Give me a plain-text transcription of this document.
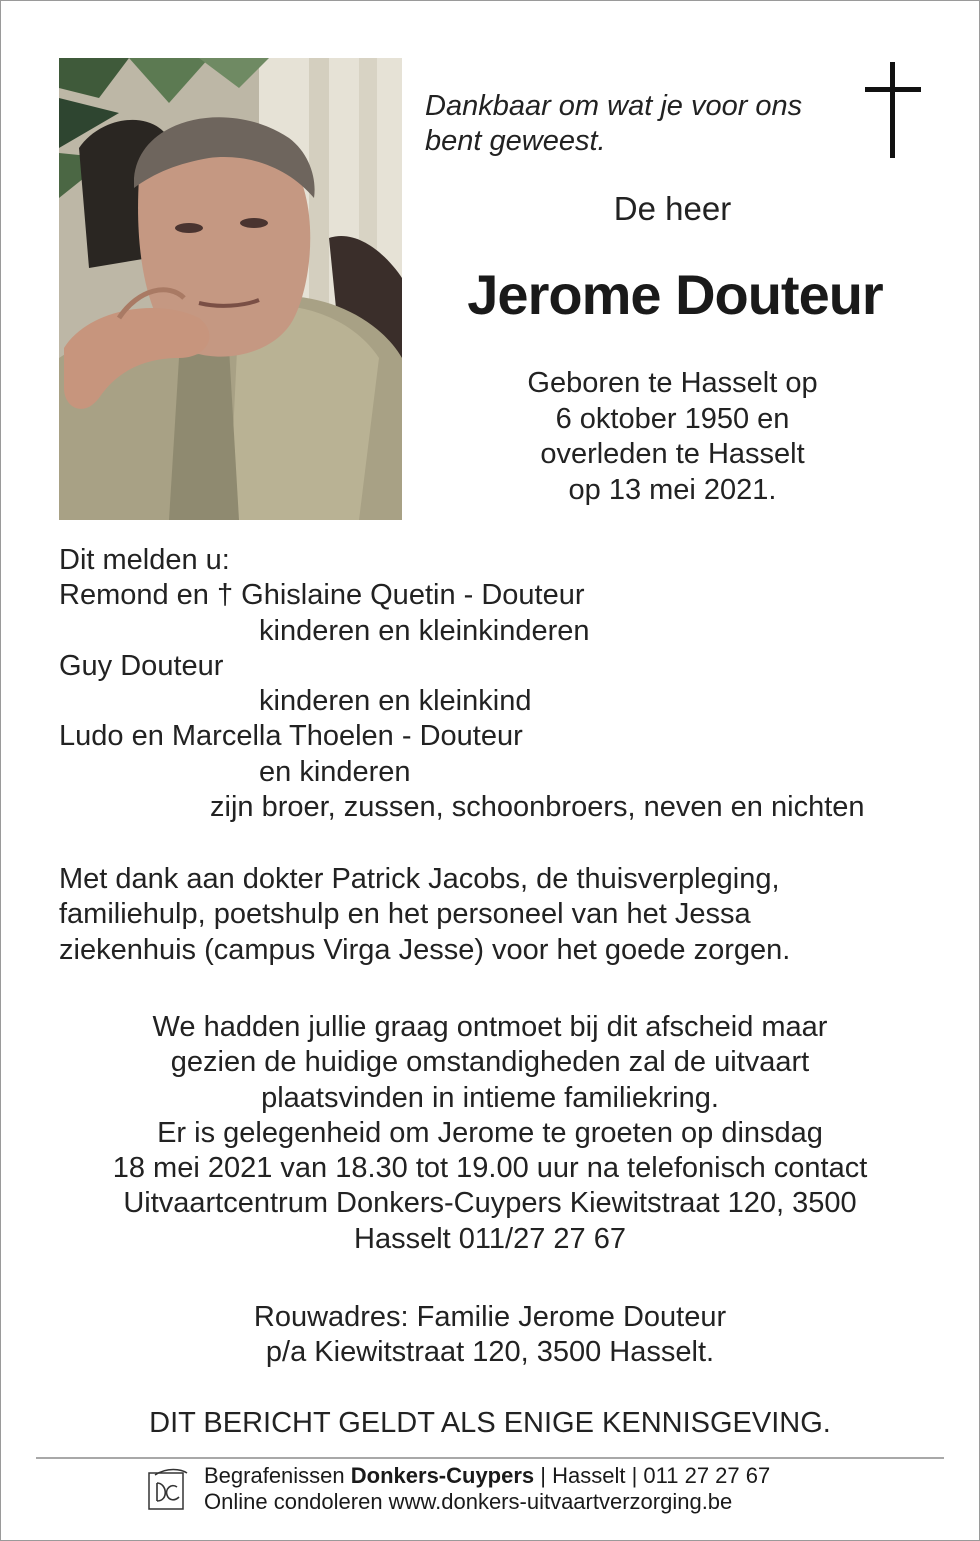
Dankbaar om wat je voor ons
bent geweest.
De heer
Jerome Douteur
Geboren te Hasselt op
6 oktober 1950 en
overleden te Hasselt
op 13 mei 2021.
Dit melden u:
Remond en † Ghislaine Quetin - Douteur
kinderen en kleinkinderen
Guy Douteur
kinderen en kleinkind
Ludo en Marcella Thoelen - Douteur
en kinderen
zijn broer, zussen, schoonbroers, neven en nichten
Met dank aan dokter Patrick Jacobs, de thuisverpleging,
familiehulp, poetshulp en het personeel van het Jessa
ziekenhuis (campus Virga Jesse) voor het goede zorgen.
We hadden jullie graag ontmoet bij dit afscheid maar
gezien de huidige omstandigheden zal de uitvaart
plaatsvinden in intieme familiekring.
Er is gelegenheid om Jerome te groeten op dinsdag
18 mei 2021 van 18.30 tot 19.00 uur na telefonisch contact
Uitvaartcentrum Donkers-Cuypers Kiewitstraat 120, 3500
Hasselt 011/27 27 67
Rouwadres: Familie Jerome Douteur
p/a Kiewitstraat 120, 3500 Hasselt.
DIT BERICHT GELDT ALS ENIGE KENNISGEVING.
Begrafenissen Donkers-Cuypers | Hasselt | 011 27 27 67
Online condoleren www.donkers-uitvaartverzorging.be
